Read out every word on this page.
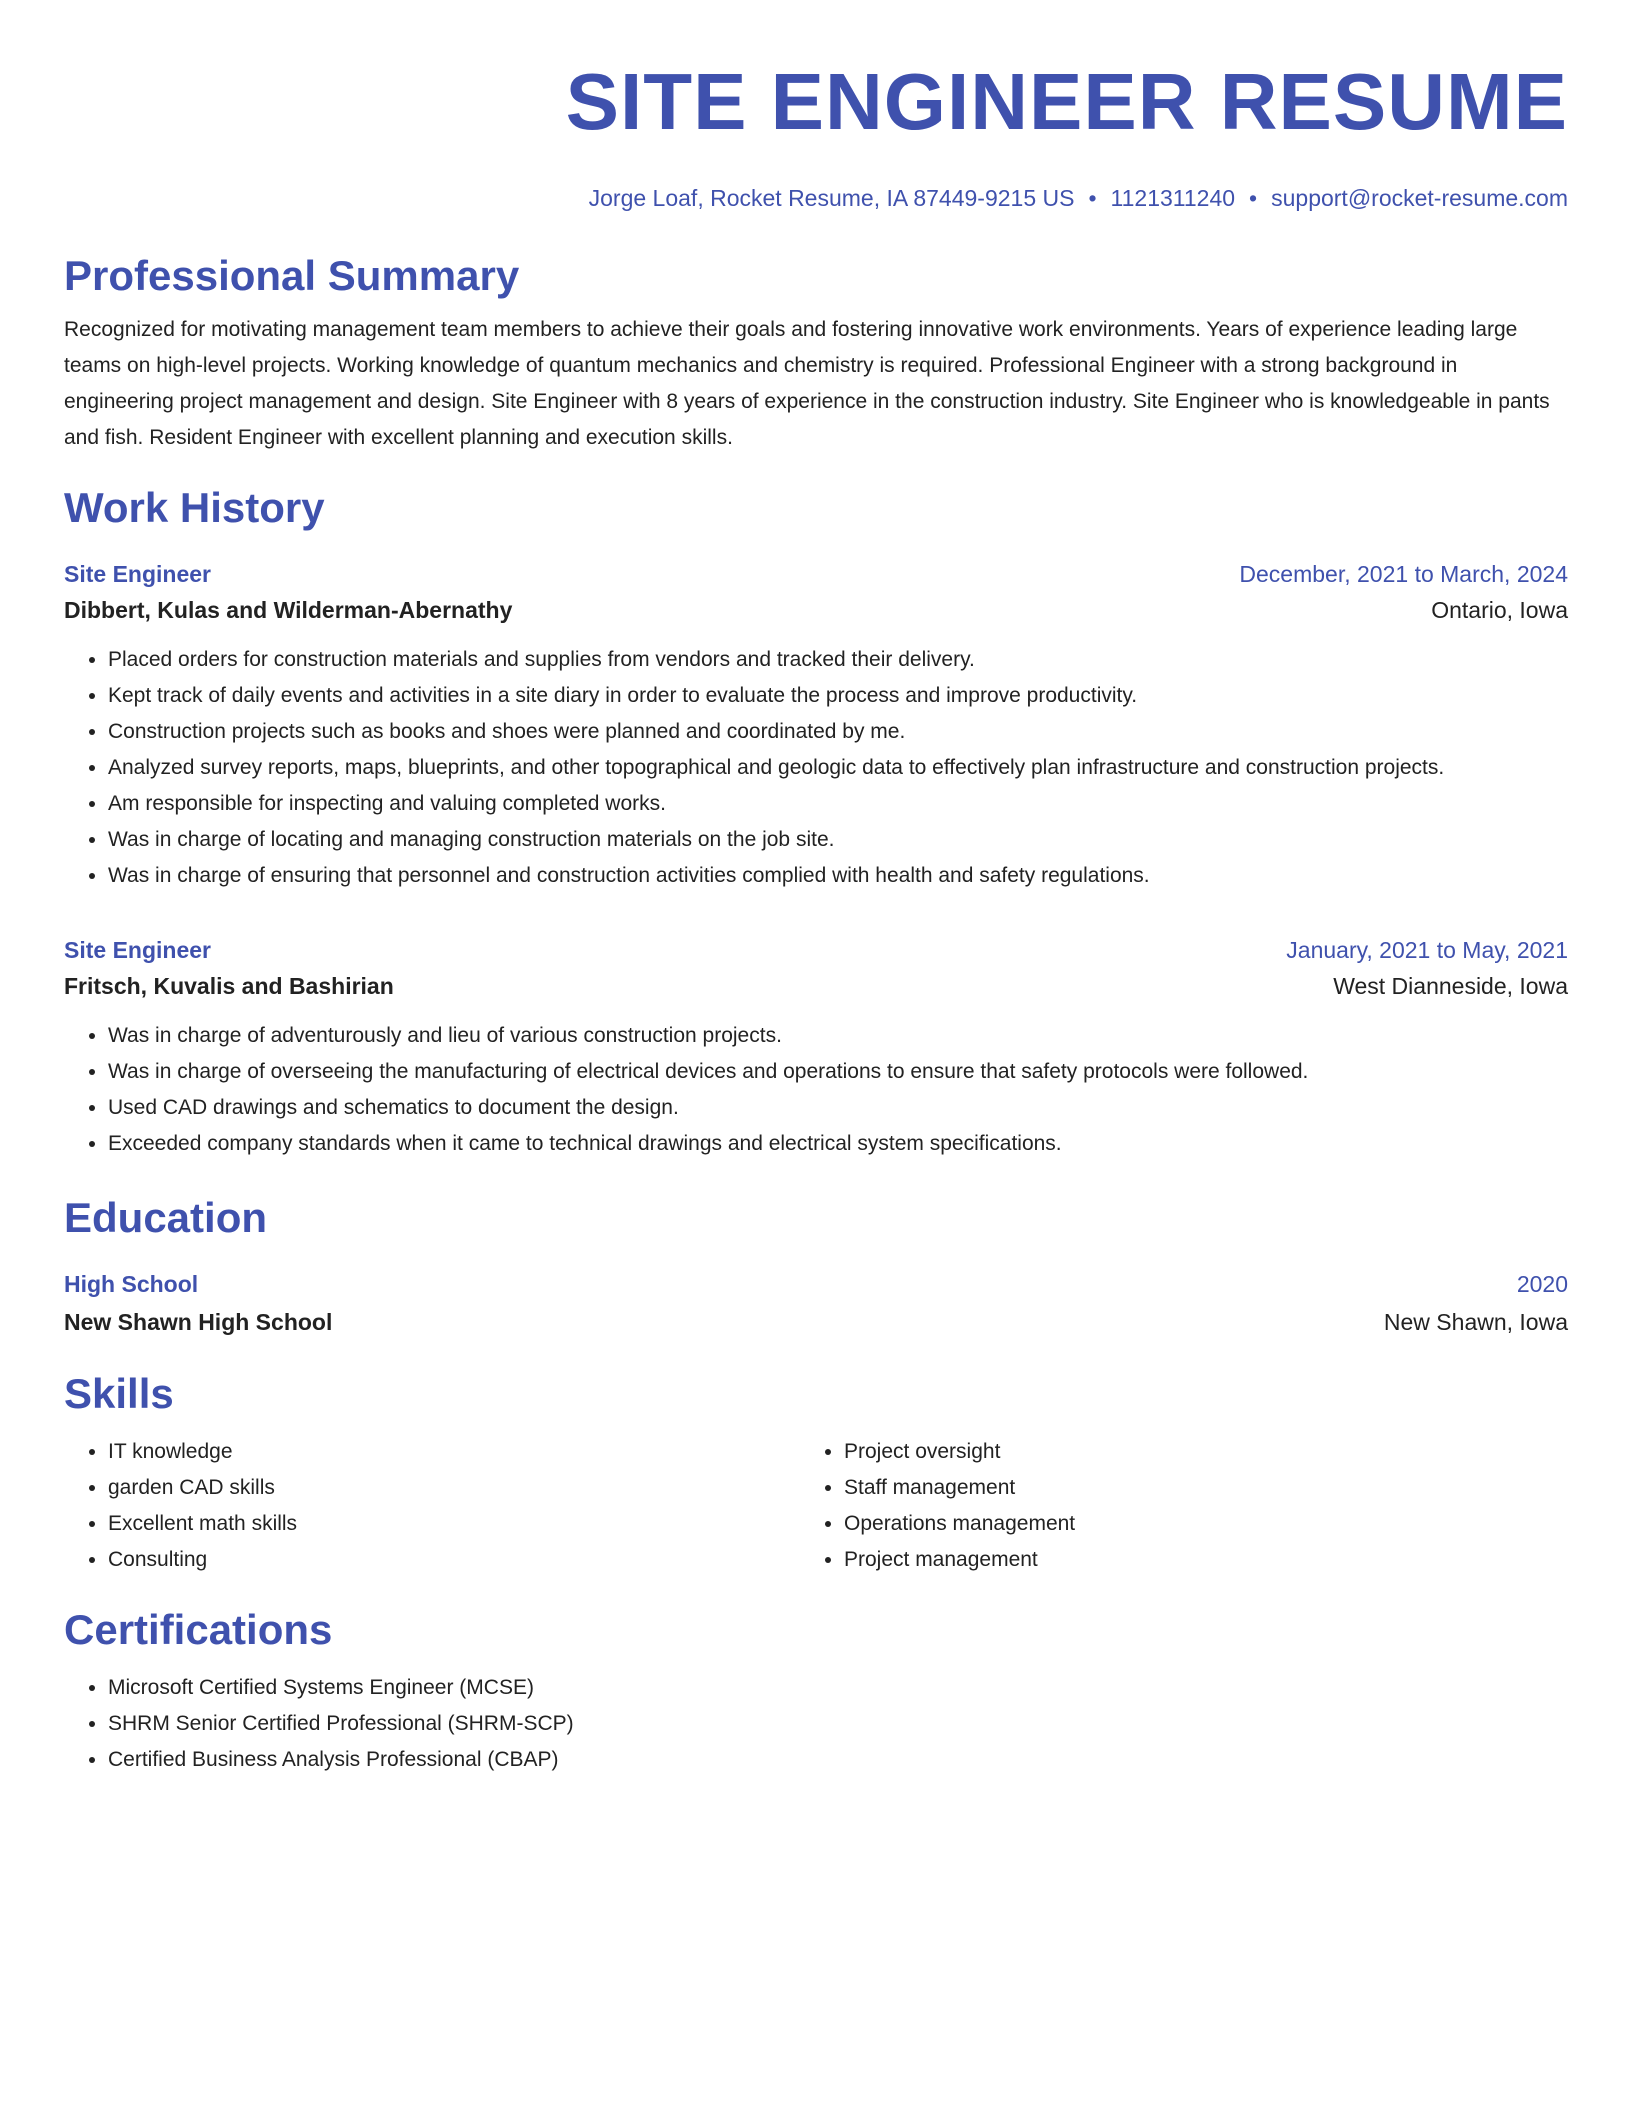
SITE ENGINEER RESUME
Jorge Loaf, Rocket Resume, IA 87449-9215 US • 1121311240 • support@rocket-resume.com
Professional Summary
Recognized for motivating management team members to achieve their goals and fostering innovative work environments. Years of experience leading large teams on high-level projects. Working knowledge of quantum mechanics and chemistry is required. Professional Engineer with a strong background in engineering project management and design. Site Engineer with 8 years of experience in the construction industry. Site Engineer who is knowledgeable in pants and fish. Resident Engineer with excellent planning and execution skills.
Work History
Site Engineer	December, 2021 to March, 2024
Dibbert, Kulas and Wilderman-Abernathy	Ontario, Iowa
• Placed orders for construction materials and supplies from vendors and tracked their delivery.
• Kept track of daily events and activities in a site diary in order to evaluate the process and improve productivity.
• Construction projects such as books and shoes were planned and coordinated by me.
• Analyzed survey reports, maps, blueprints, and other topographical and geologic data to effectively plan infrastructure and construction projects.
• Am responsible for inspecting and valuing completed works.
• Was in charge of locating and managing construction materials on the job site.
• Was in charge of ensuring that personnel and construction activities complied with health and safety regulations.
Site Engineer	January, 2021 to May, 2021
Fritsch, Kuvalis and Bashirian	West Dianneside, Iowa
• Was in charge of adventurously and lieu of various construction projects.
• Was in charge of overseeing the manufacturing of electrical devices and operations to ensure that safety protocols were followed.
• Used CAD drawings and schematics to document the design.
• Exceeded company standards when it came to technical drawings and electrical system specifications.
Education
High School	2020
New Shawn High School	New Shawn, Iowa
Skills
• IT knowledge
• garden CAD skills
• Excellent math skills
• Consulting
• Project oversight
• Staff management
• Operations management
• Project management
Certifications
• Microsoft Certified Systems Engineer (MCSE)
• SHRM Senior Certified Professional (SHRM-SCP)
• Certified Business Analysis Professional (CBAP)
